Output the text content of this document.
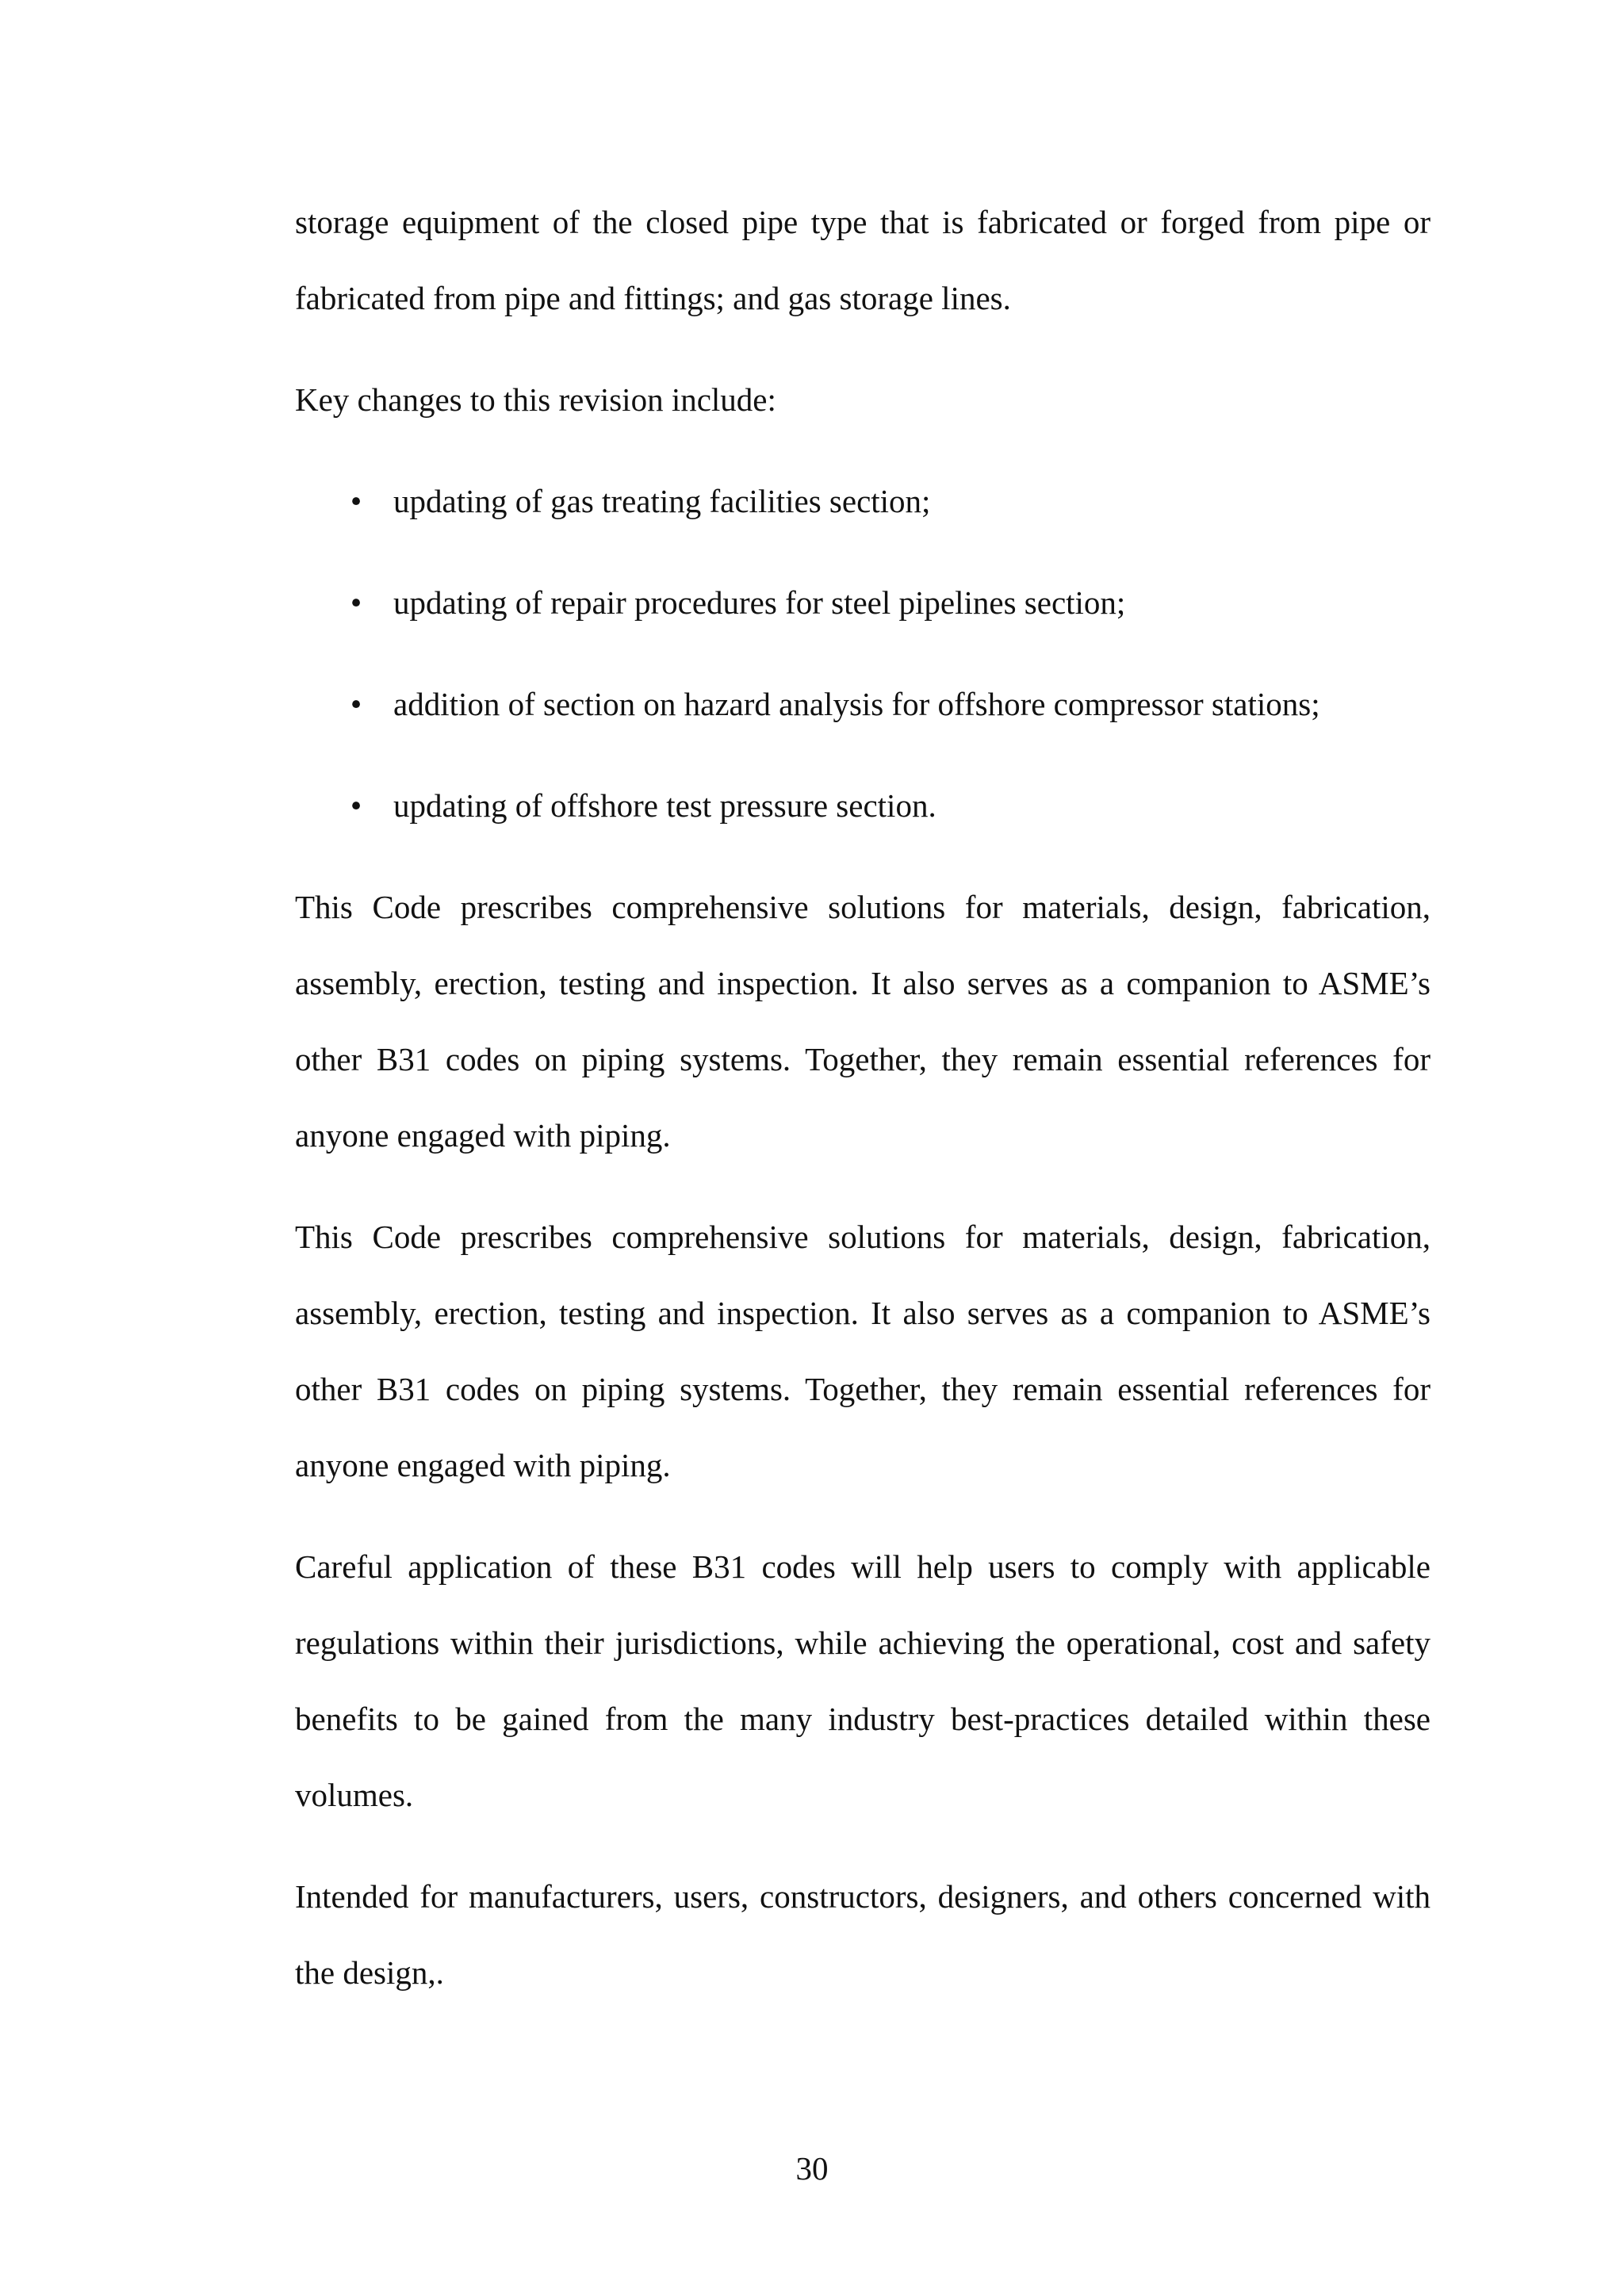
storage equipment of the closed pipe type that is fabricated or forged from pipe or fabricated from pipe and fittings; and gas storage lines.

Key changes to this revision include:

• updating of gas treating facilities section;
• updating of repair procedures for steel pipelines section;
• addition of section on hazard analysis for offshore compressor stations;
• updating of offshore test pressure section.

This Code prescribes comprehensive solutions for materials, design, fabrication, assembly, erection, testing and inspection. It also serves as a companion to ASME’s other B31 codes on piping systems. Together, they remain essential references for anyone engaged with piping.

This Code prescribes comprehensive solutions for materials, design, fabrication, assembly, erection, testing and inspection. It also serves as a companion to ASME’s other B31 codes on piping systems. Together, they remain essential references for anyone engaged with piping.

Careful application of these B31 codes will help users to comply with applicable regulations within their jurisdictions, while achieving the operational, cost and safety benefits to be gained from the many industry best-practices detailed within these volumes.

Intended for manufacturers, users, constructors, designers, and others concerned with the design,.

30
